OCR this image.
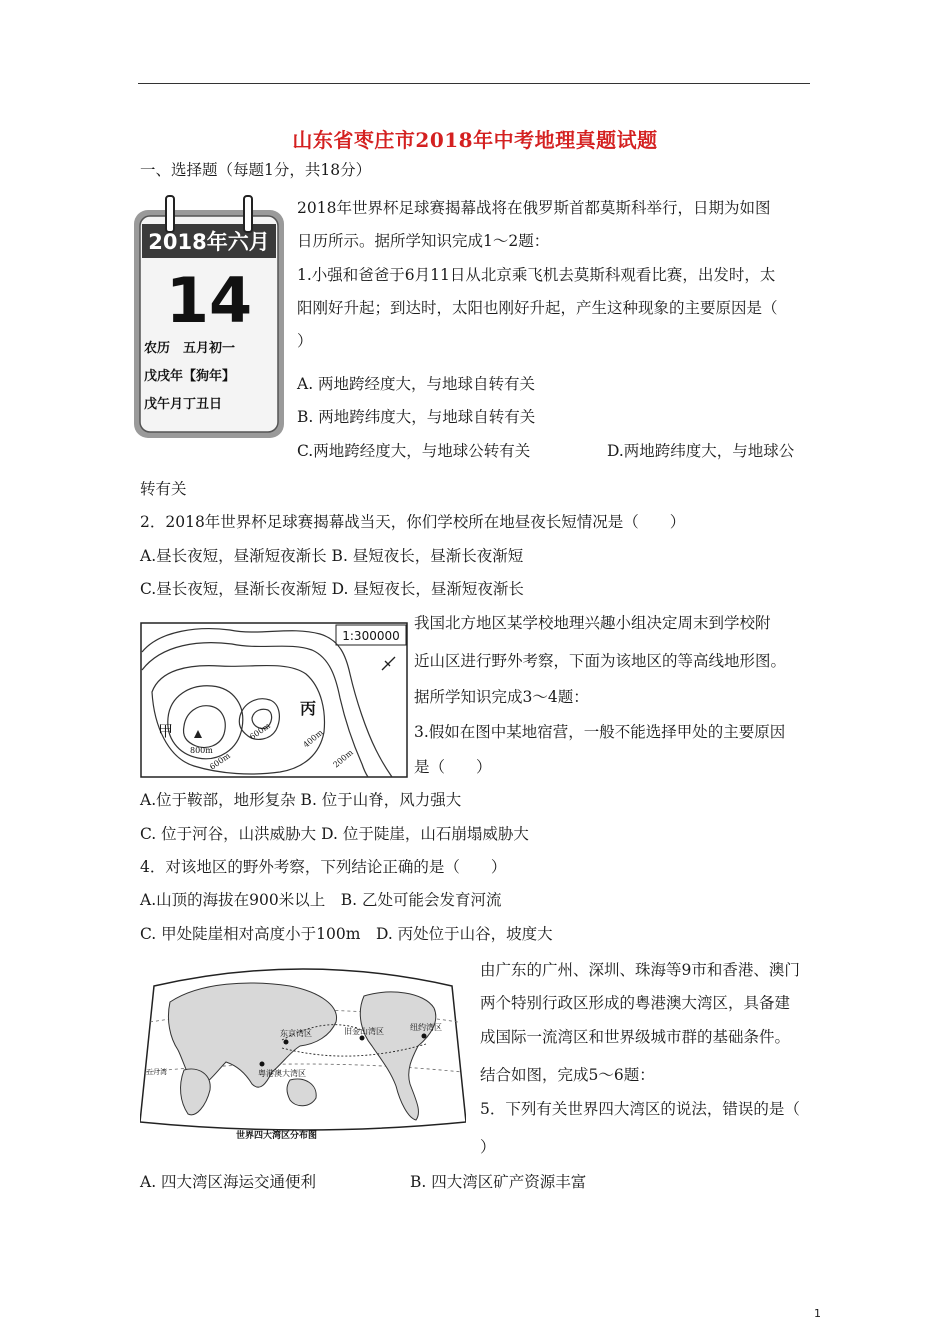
山东省枣庄市2018年中考地理真题试题
一、选择题（每题1分，共18分）
2018年六月
14
农历　五月初一
戊戌年【狗年】
戊午月丁丑日
2018年世界杯足球赛揭幕战将在俄罗斯首都莫斯科举行，日期为如图
日历所示。据所学知识完成1～2题：
1.小强和爸爸于6月11日从北京乘飞机去莫斯科观看比赛，出发时，太
阳刚好升起；到达时，太阳也刚好升起，产生这种现象的主要原因是（
）
A. 两地跨经度大，与地球自转有关
B. 两地跨纬度大，与地球自转有关
C.两地跨经度大，与地球公转有关	D.两地跨纬度大，与地球公
转有关
2．2018年世界杯足球赛揭幕战当天，你们学校所在地昼夜长短情况是（　　）
A.昼长夜短，昼渐短夜渐长 B. 昼短夜长，昼渐长夜渐短
C.昼长夜短，昼渐长夜渐短 D. 昼短夜长，昼渐短夜渐长
1:300000
甲
丙
800m
600m
600m	400m
200m
我国北方地区某学校地理兴趣小组决定周末到学校附
近山区进行野外考察，下面为该地区的等高线地形图。
据所学知识完成3～4题：
3.假如在图中某地宿营，一般不能选择甲处的主要原因
是（　　）
A.位于鞍部，地形复杂 B. 位于山脊，风力强大
C. 位于河谷，山洪威胁大 D. 位于陡崖，山石崩塌威胁大
4．对该地区的野外考察，下列结论正确的是（　　）
A.山顶的海拔在900米以上　B. 乙处可能会发育河流
C. 甲处陡崖相对高度小于100m　D. 丙处位于山谷，坡度大
东京湾区	旧金山湾区	纽约湾区
粤港澳大湾区
五月湾
世界四大湾区分布图
由广东的广州、深圳、珠海等9市和香港、澳门
两个特别行政区形成的粤港澳大湾区，具备建
成国际一流湾区和世界级城市群的基础条件。
结合如图，完成5～6题：
5．下列有关世界四大湾区的说法，错误的是（
）
A. 四大湾区海运交通便利	B. 四大湾区矿产资源丰富
1
